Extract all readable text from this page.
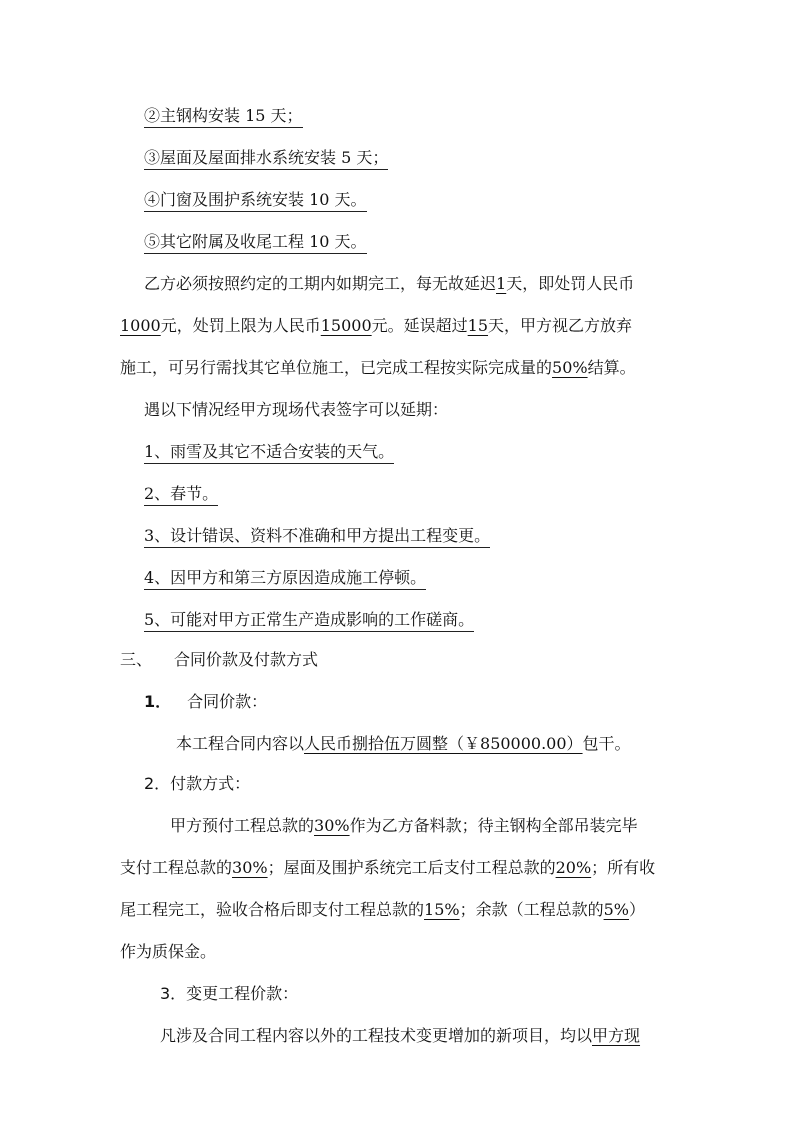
②主钢构安装 15 天；
③屋面及屋面排水系统安装 5 天；
④门窗及围护系统安装 10 天。
⑤其它附属及收尾工程 10 天。
乙方必须按照约定的工期内如期完工，每无故延迟1天，即处罚人民币
1000元，处罚上限为人民币15000元。延误超过15天，甲方视乙方放弃
施工，可另行需找其它单位施工，已完成工程按实际完成量的50%结算。
遇以下情况经甲方现场代表签字可以延期：
1、雨雪及其它不适合安装的天气。
2、春节。
3、设计错误、资料不准确和甲方提出工程变更。
4、因甲方和第三方原因造成施工停顿。
5、可能对甲方正常生产造成影响的工作磋商。
三、 合同价款及付款方式
1． 合同价款：
本工程合同内容以人民币捌拾伍万圆整（￥850000.00）包干。
2．付款方式：
甲方预付工程总款的30%作为乙方备料款；待主钢构全部吊装完毕
支付工程总款的30%；屋面及围护系统完工后支付工程总款的20%；所有收
尾工程完工，验收合格后即支付工程总款的15%；余款（工程总款的5%）
作为质保金。
3．变更工程价款：
凡涉及合同工程内容以外的工程技术变更增加的新项目，均以甲方现
